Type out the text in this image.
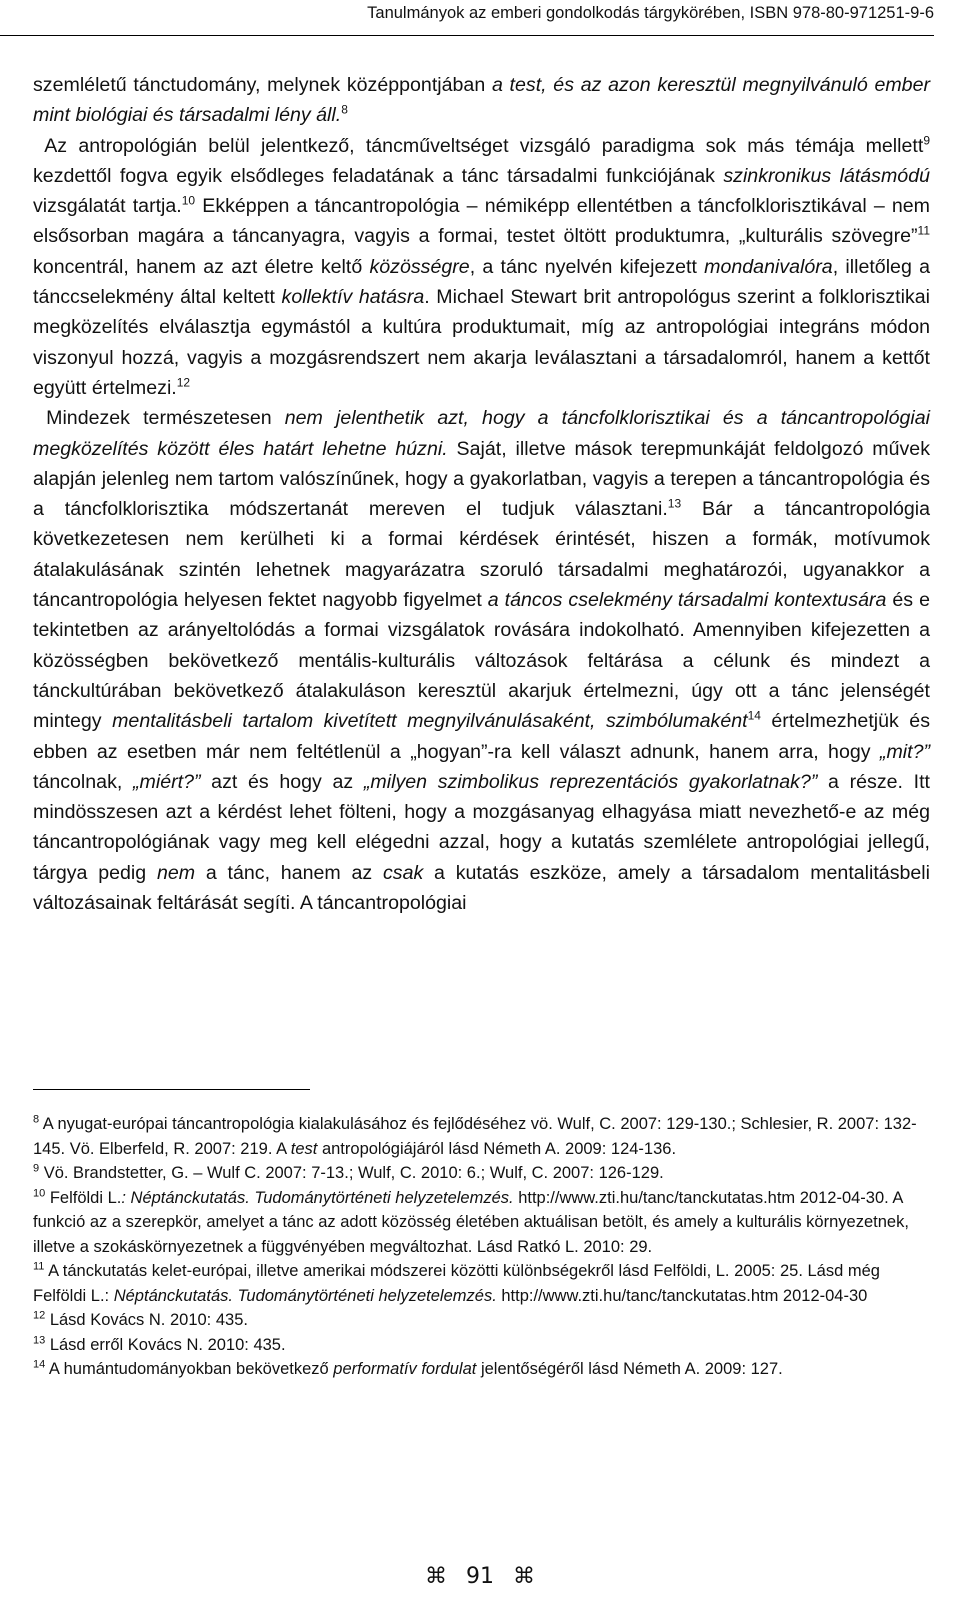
Tanulmányok az emberi gondolkodás tárgykörében, ISBN 978-80-971251-9-6

szemléletű tánctudomány, melynek középpontjában a test, és az azon keresztül megnyilvánuló ember mint biológiai és társadalmi lény áll.$^8$

Az antropológián belül jelentkező, táncműveltséget vizsgáló paradigma sok más témája mellett$^9$ kezdettől fogva egyik elsődleges feladatának a tánc társadalmi funkciójának szinkronikus látásmódú vizsgálatát tartja.$^{10}$ Ekképpen a táncantropológia – némiképp ellentétben a táncfolklorisztikával – nem elsősorban magára a táncanyagra, vagyis a formai, testet öltött produktumra, „kulturális szövegre”$^{11}$ koncentrál, hanem az azt életre keltő közösségre, a tánc nyelvén kifejezett mondanivalóra, illetőleg a tánccselekmény által keltett kollektív hatásra. Michael Stewart brit antropológus szerint a folklorisztikai megközelítés elválasztja egymástól a kultúra produktumait, míg az antropológiai integráns módon viszonyul hozzá, vagyis a mozgásrendszert nem akarja leválasztani a társadalomról, hanem a kettőt együtt értelmezi.$^{12}$

Mindezek természetesen nem jelenthetik azt, hogy a táncfolklorisztikai és a táncantropológiai megközelítés között éles határt lehetne húzni. Saját, illetve mások terepmunkáját feldolgozó művek alapján jelenleg nem tartom valószínűnek, hogy a gyakorlatban, vagyis a terepen a táncantropológia és a táncfolklorisztika módszertanát mereven el tudjuk választani.$^{13}$ Bár a táncantropológia következetesen nem kerülheti ki a formai kérdések érintését, hiszen a formák, motívumok átalakulásának szintén lehetnek magyarázatra szoruló társadalmi meghatározói, ugyanakkor a táncantropológia helyesen fektet nagyobb figyelmet a táncos cselekmény társadalmi kontextusára és e tekintetben az arányeltolódás a formai vizsgálatok rovására indokolható. Amennyiben kifejezetten a közösségben bekövetkező mentális-kulturális változások feltárása a célunk és mindezt a tánckultúrában bekövetkező átalakuláson keresztül akarjuk értelmezni, úgy ott a tánc jelenségét mintegy mentalitásbeli tartalom kivetített megnyilvánulásaként, szimbólumaként$^{14}$ értelmezhetjük és ebben az esetben már nem feltétlenül a „hogyan”-ra kell választ adnunk, hanem arra, hogy „mit?” táncolnak, „miért?” azt és hogy az „milyen szimbolikus reprezentációs gyakorlatnak?” a része. Itt mindösszesen azt a kérdést lehet fölteni, hogy a mozgásanyag elhagyása miatt nevezhető-e az még táncantropológiának vagy meg kell elégedni azzal, hogy a kutatás szemlélete antropológiai jellegű, tárgya pedig nem a tánc, hanem az csak a kutatás eszköze, amely a társadalom mentalitásbeli változásainak feltárását segíti. A táncantropológiai

$^8$ A nyugat-európai táncantropológia kialakulásához és fejlődéséhez vö. Wulf, C. 2007: 129-130.; Schlesier, R. 2007: 132-145. Vö. Elberfeld, R. 2007: 219. A test antropológiájáról lásd Németh A. 2009: 124-136.

$^9$ Vö. Brandstetter, G. – Wulf C. 2007: 7-13.; Wulf, C. 2010: 6.; Wulf, C. 2007: 126-129.

$^{10}$ Felföldi L.: Néptánckutatás. Tudománytörténeti helyzetelemzés. http://www.zti.hu/tanc/tanckutatas.htm 2012-04-30. A funkció az a szerepkör, amelyet a tánc az adott közösség életében aktuálisan betölt, és amely a kulturális környezetnek, illetve a szokáskörnyezetnek a függvényében megváltozhat. Lásd Ratkó L. 2010: 29.

$^{11}$ A tánckutatás kelet-európai, illetve amerikai módszerei közötti különbségekről lásd Felföldi, L. 2005: 25. Lásd még Felföldi L.: Néptánckutatás. Tudománytörténeti helyzetelemzés. http://www.zti.hu/tanc/tanckutatas.htm 2012-04-30

$^{12}$ Lásd Kovács N. 2010: 435.

$^{13}$ Lásd erről Kovács N. 2010: 435.

$^{14}$ A humántudományokban bekövetkező performatív fordulat jelentőségéről lásd Németh A. 2009: 127.

⌘ 91 ⌘
